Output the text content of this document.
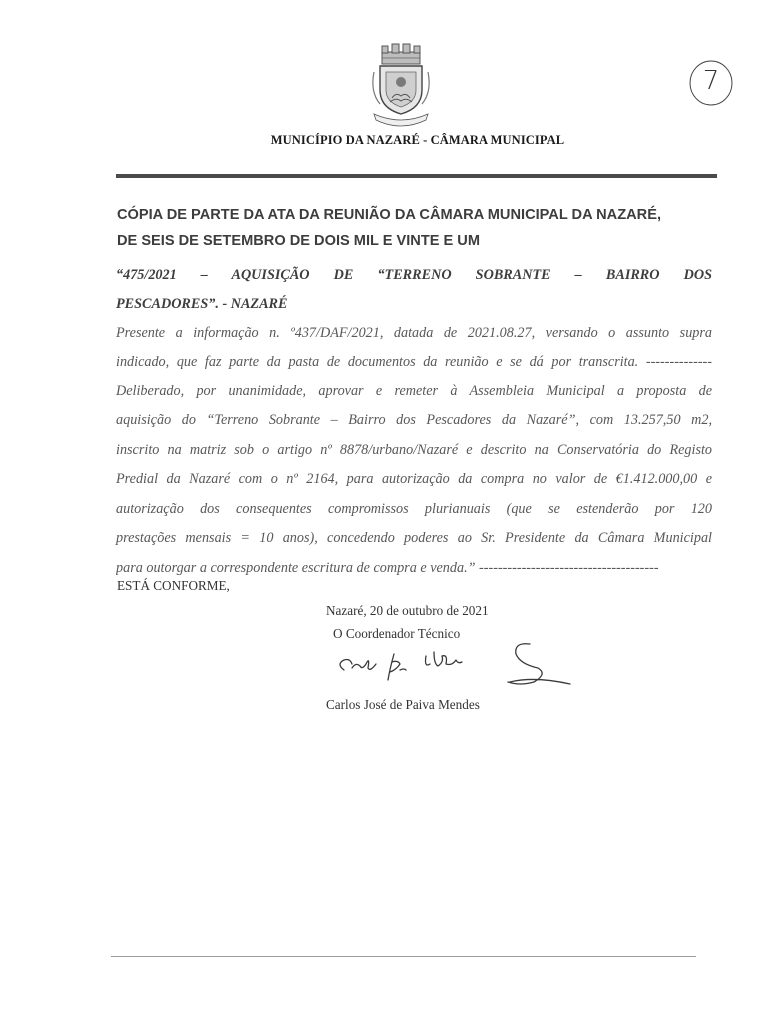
7
MUNICÍPIO DA NAZARÉ - CÂMARA MUNICIPAL
CÓPIA DE PARTE DA ATA DA REUNIÃO DA CÂMARA MUNICIPAL DA NAZARÉ,
DE SEIS DE SETEMBRO DE DOIS MIL E VINTE E UM
“475/2021 – AQUISIÇÃO DE “TERRENO SOBRANTE – BAIRRO DOS
PESCADORES”. - NAZARÉ
Presente a informação n. º437/DAF/2021, datada de 2021.08.27, versando o assunto supra
indicado, que faz parte da pasta de documentos da reunião e se dá por transcrita. --------------
Deliberado, por unanimidade, aprovar e remeter à Assembleia Municipal a proposta de
aquisição do “Terreno Sobrante – Bairro dos Pescadores da Nazaré”, com 13.257,50 m2,
inscrito na matriz sob o artigo nº 8878/urbano/Nazaré e descrito na Conservatória do Registo
Predial da Nazaré com o nº 2164, para autorização da compra no valor de €1.412.000,00 e
autorização dos consequentes compromissos plurianuais (que se estenderão por 120
prestações mensais = 10 anos), concedendo poderes ao Sr. Presidente da Câmara Municipal
para outorgar a correspondente escritura de compra e venda.” --------------------------------------
ESTÁ CONFORME,
Nazaré, 20 de outubro de 2021
O Coordenador Técnico
Carlos José de Paiva Mendes
